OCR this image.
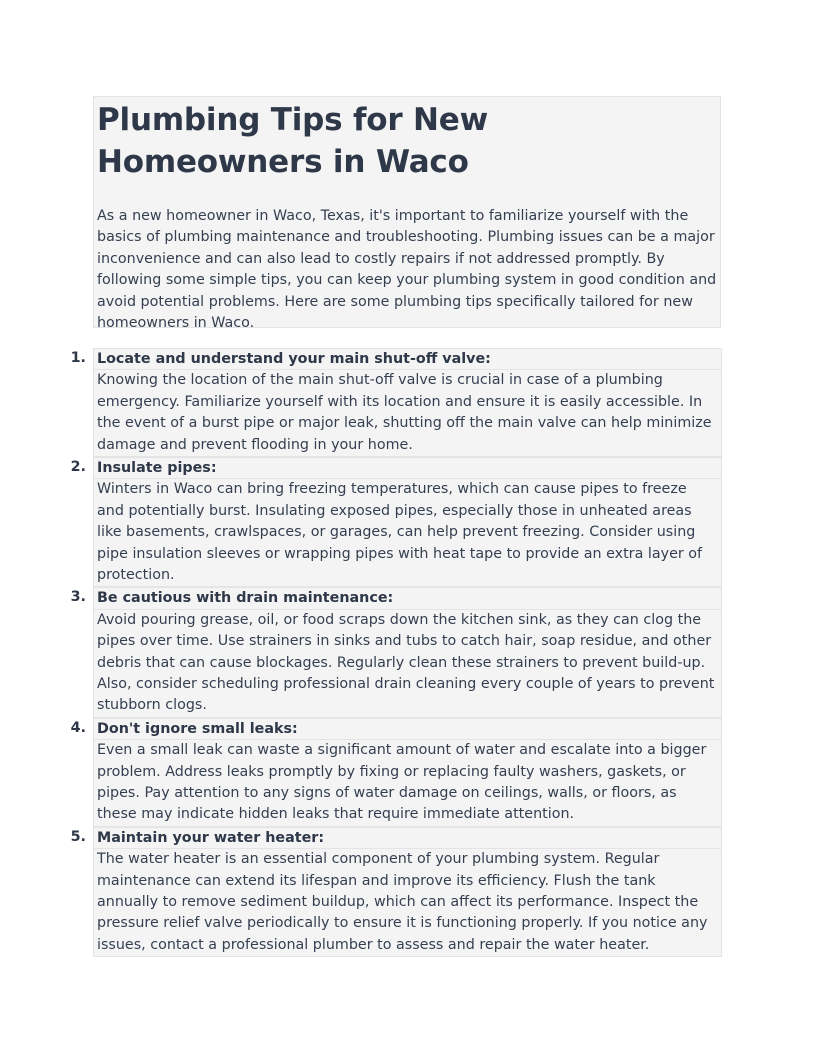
Plumbing Tips for New Homeowners in Waco

As a new homeowner in Waco, Texas, it's important to familiarize yourself with the basics of plumbing maintenance and troubleshooting. Plumbing issues can be a major inconvenience and can also lead to costly repairs if not addressed promptly. By following some simple tips, you can keep your plumbing system in good condition and avoid potential problems. Here are some plumbing tips specifically tailored for new homeowners in Waco.

1. Locate and understand your main shut-off valve:

Knowing the location of the main shut-off valve is crucial in case of a plumbing emergency. Familiarize yourself with its location and ensure it is easily accessible. In the event of a burst pipe or major leak, shutting off the main valve can help minimize damage and prevent flooding in your home.

2. Insulate pipes:

Winters in Waco can bring freezing temperatures, which can cause pipes to freeze and potentially burst. Insulating exposed pipes, especially those in unheated areas like basements, crawlspaces, or garages, can help prevent freezing. Consider using pipe insulation sleeves or wrapping pipes with heat tape to provide an extra layer of protection.

3. Be cautious with drain maintenance:

Avoid pouring grease, oil, or food scraps down the kitchen sink, as they can clog the pipes over time. Use strainers in sinks and tubs to catch hair, soap residue, and other debris that can cause blockages. Regularly clean these strainers to prevent build-up. Also, consider scheduling professional drain cleaning every couple of years to prevent stubborn clogs.

4. Don't ignore small leaks:

Even a small leak can waste a significant amount of water and escalate into a bigger problem. Address leaks promptly by fixing or replacing faulty washers, gaskets, or pipes. Pay attention to any signs of water damage on ceilings, walls, or floors, as these may indicate hidden leaks that require immediate attention.

5. Maintain your water heater:

The water heater is an essential component of your plumbing system. Regular maintenance can extend its lifespan and improve its efficiency. Flush the tank annually to remove sediment buildup, which can affect its performance. Inspect the pressure relief valve periodically to ensure it is functioning properly. If you notice any issues, contact a professional plumber to assess and repair the water heater.
